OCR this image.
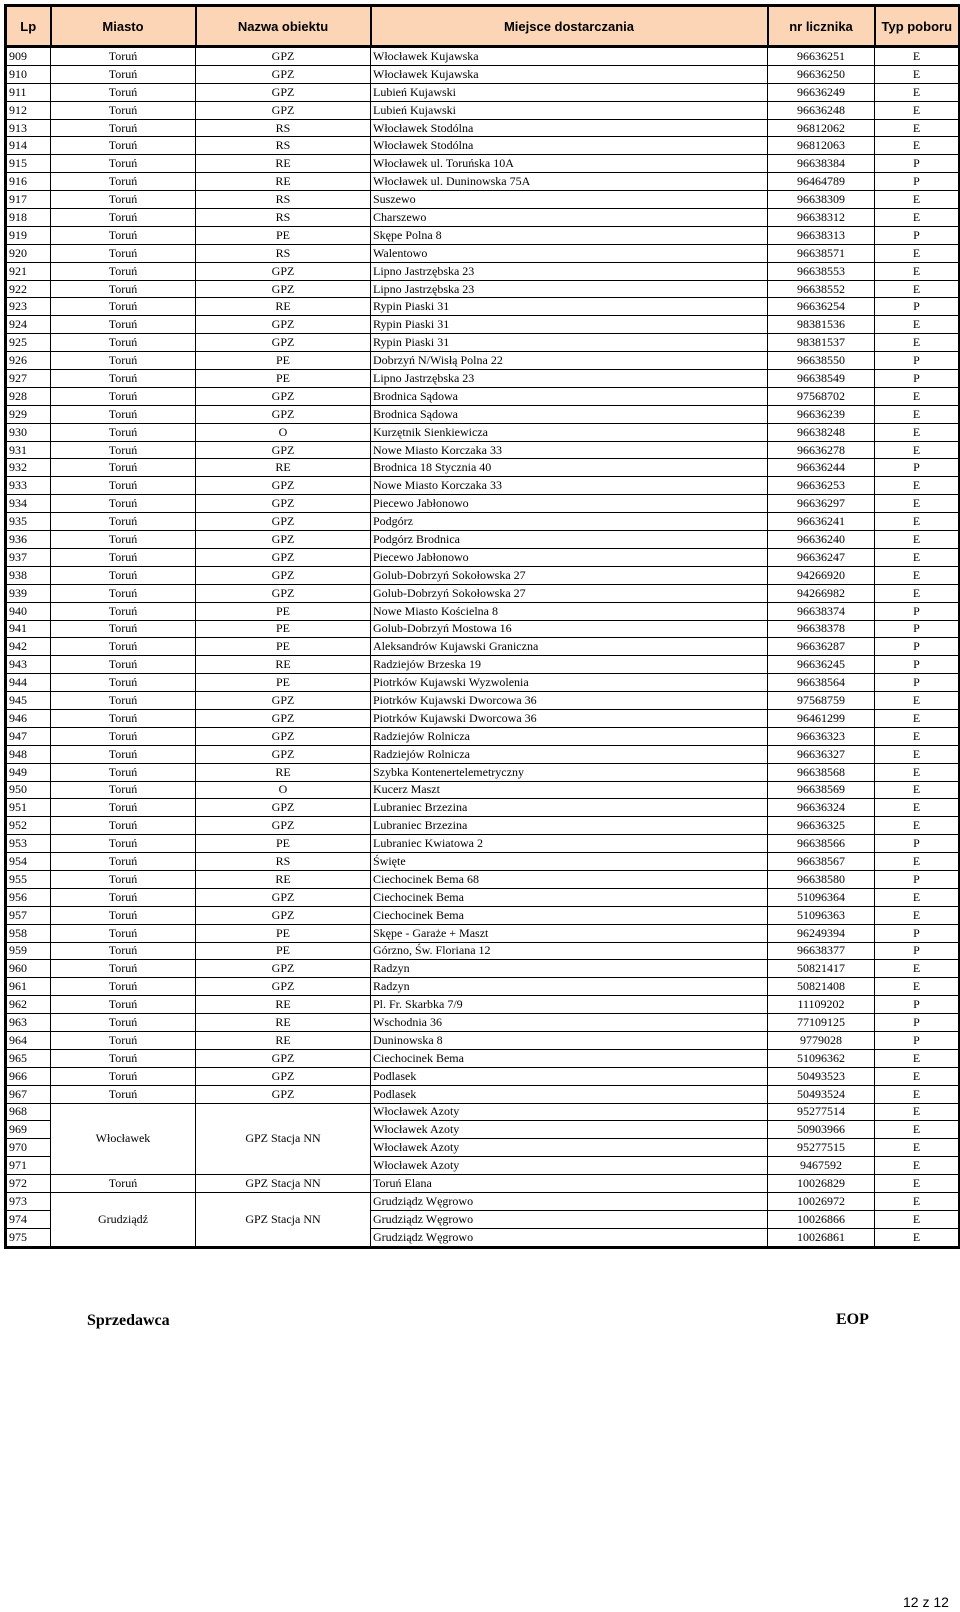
Lp	Miasto	Nazwa obiektu	Miejsce dostarczania	nr licznika	Typ poboru
909	Toruń	GPZ	Włocławek Kujawska	96636251	E
910	Toruń	GPZ	Włocławek Kujawska	96636250	E
911	Toruń	GPZ	Lubień Kujawski	96636249	E
912	Toruń	GPZ	Lubień Kujawski	96636248	E
913	Toruń	RS	Włocławek Stodólna	96812062	E
914	Toruń	RS	Włocławek Stodólna	96812063	E
915	Toruń	RE	Włocławek ul. Toruńska 10A	96638384	P
916	Toruń	RE	Włocławek ul. Duninowska 75A	96464789	P
917	Toruń	RS	Suszewo	96638309	E
918	Toruń	RS	Charszewo	96638312	E
919	Toruń	PE	Skępe Polna 8	96638313	P
920	Toruń	RS	Walentowo	96638571	E
921	Toruń	GPZ	Lipno Jastrzębska 23	96638553	E
922	Toruń	GPZ	Lipno Jastrzębska 23	96638552	E
923	Toruń	RE	Rypin Piaski 31	96636254	P
924	Toruń	GPZ	Rypin Piaski 31	98381536	E
925	Toruń	GPZ	Rypin Piaski 31	98381537	E
926	Toruń	PE	Dobrzyń N/Wisłą Polna 22	96638550	P
927	Toruń	PE	Lipno Jastrzębska 23	96638549	P
928	Toruń	GPZ	Brodnica Sądowa	97568702	E
929	Toruń	GPZ	Brodnica Sądowa	96636239	E
930	Toruń	O	Kurzętnik Sienkiewicza	96638248	E
931	Toruń	GPZ	Nowe Miasto Korczaka 33	96636278	E
932	Toruń	RE	Brodnica 18 Stycznia 40	96636244	P
933	Toruń	GPZ	Nowe Miasto Korczaka 33	96636253	E
934	Toruń	GPZ	Piecewo Jabłonowo	96636297	E
935	Toruń	GPZ	Podgórz	96636241	E
936	Toruń	GPZ	Podgórz Brodnica	96636240	E
937	Toruń	GPZ	Piecewo Jabłonowo	96636247	E
938	Toruń	GPZ	Golub-Dobrzyń Sokołowska 27	94266920	E
939	Toruń	GPZ	Golub-Dobrzyń Sokołowska 27	94266982	E
940	Toruń	PE	Nowe Miasto Kościelna 8	96638374	P
941	Toruń	PE	Golub-Dobrzyń Mostowa 16	96638378	P
942	Toruń	PE	Aleksandrów Kujawski Graniczna	96636287	P
943	Toruń	RE	Radziejów Brzeska 19	96636245	P
944	Toruń	PE	Piotrków Kujawski Wyzwolenia	96638564	P
945	Toruń	GPZ	Piotrków Kujawski Dworcowa 36	97568759	E
946	Toruń	GPZ	Piotrków Kujawski Dworcowa 36	96461299	E
947	Toruń	GPZ	Radziejów Rolnicza	96636323	E
948	Toruń	GPZ	Radziejów Rolnicza	96636327	E
949	Toruń	RE	Szybka Kontenertelemetryczny	96638568	E
950	Toruń	O	Kucerz Maszt	96638569	E
951	Toruń	GPZ	Lubraniec Brzezina	96636324	E
952	Toruń	GPZ	Lubraniec Brzezina	96636325	E
953	Toruń	PE	Lubraniec Kwiatowa 2	96638566	P
954	Toruń	RS	Święte	96638567	E
955	Toruń	RE	Ciechocinek Bema 68	96638580	P
956	Toruń	GPZ	Ciechocinek Bema	51096364	E
957	Toruń	GPZ	Ciechocinek Bema	51096363	E
958	Toruń	PE	Skępe - Garaże + Maszt	96249394	P
959	Toruń	PE	Górzno, Św. Floriana 12	96638377	P
960	Toruń	GPZ	Radzyn	50821417	E
961	Toruń	GPZ	Radzyn	50821408	E
962	Toruń	RE	Pl. Fr. Skarbka 7/9	11109202	P
963	Toruń	RE	Wschodnia 36	77109125	P
964	Toruń	RE	Duninowska 8	9779028	P
965	Toruń	GPZ	Ciechocinek Bema	51096362	E
966	Toruń	GPZ	Podlasek	50493523	E
967	Toruń	GPZ	Podlasek	50493524	E
968	Włocławek	GPZ Stacja NN	Włocławek Azoty	95277514	E
969			Włocławek Azoty	50903966	E
970			Włocławek Azoty	95277515	E
971			Włocławek Azoty	9467592	E
972	Toruń	GPZ Stacja NN	Toruń Elana	10026829	E
973	Grudziądź	GPZ Stacja NN	Grudziądz Węgrowo	10026972	E
974			Grudziądz Węgrowo	10026866	E
975			Grudziądz Węgrowo	10026861	E
Sprzedawca	EOP
12 z 12
